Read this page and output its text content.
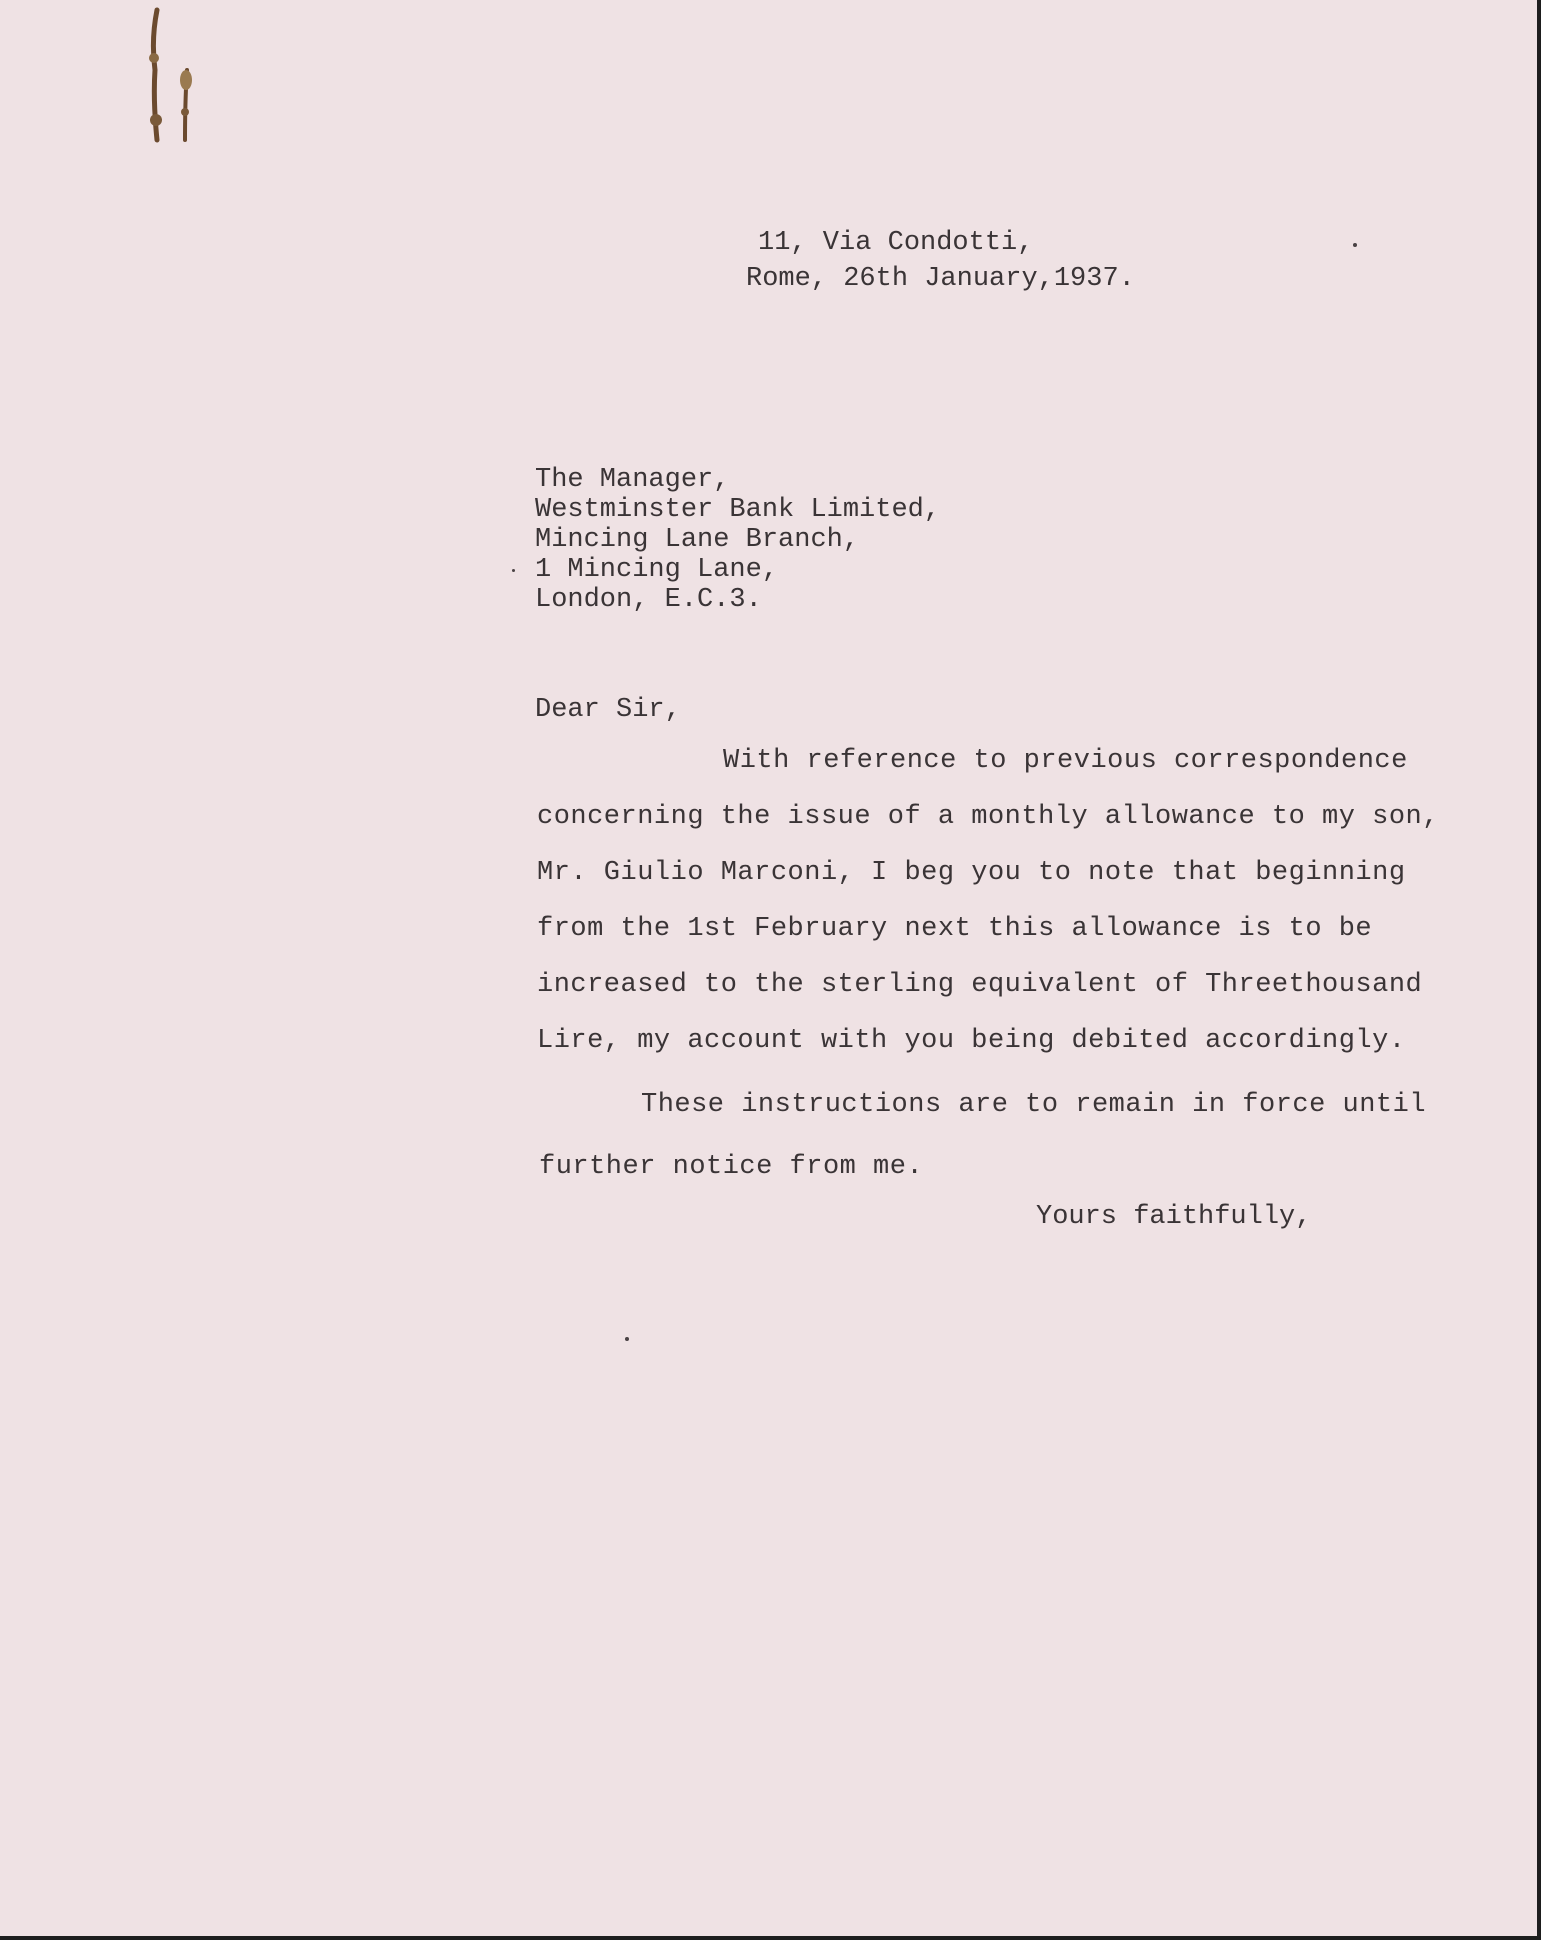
11, Via Condotti,
Rome, 26th January,1937.
The Manager,
Westminster Bank Limited,
Mincing Lane Branch,
1 Mincing Lane,
London, E.C.3.
Dear Sir,
With reference to previous correspondence
concerning the issue of a monthly allowance to my son,
Mr. Giulio Marconi, I beg you to note that beginning
from the 1st February next this allowance is to be
increased to the sterling equivalent of Threethousand
Lire, my account with you being debited accordingly.
These instructions are to remain in force until
further notice from me.
Yours faithfully,
